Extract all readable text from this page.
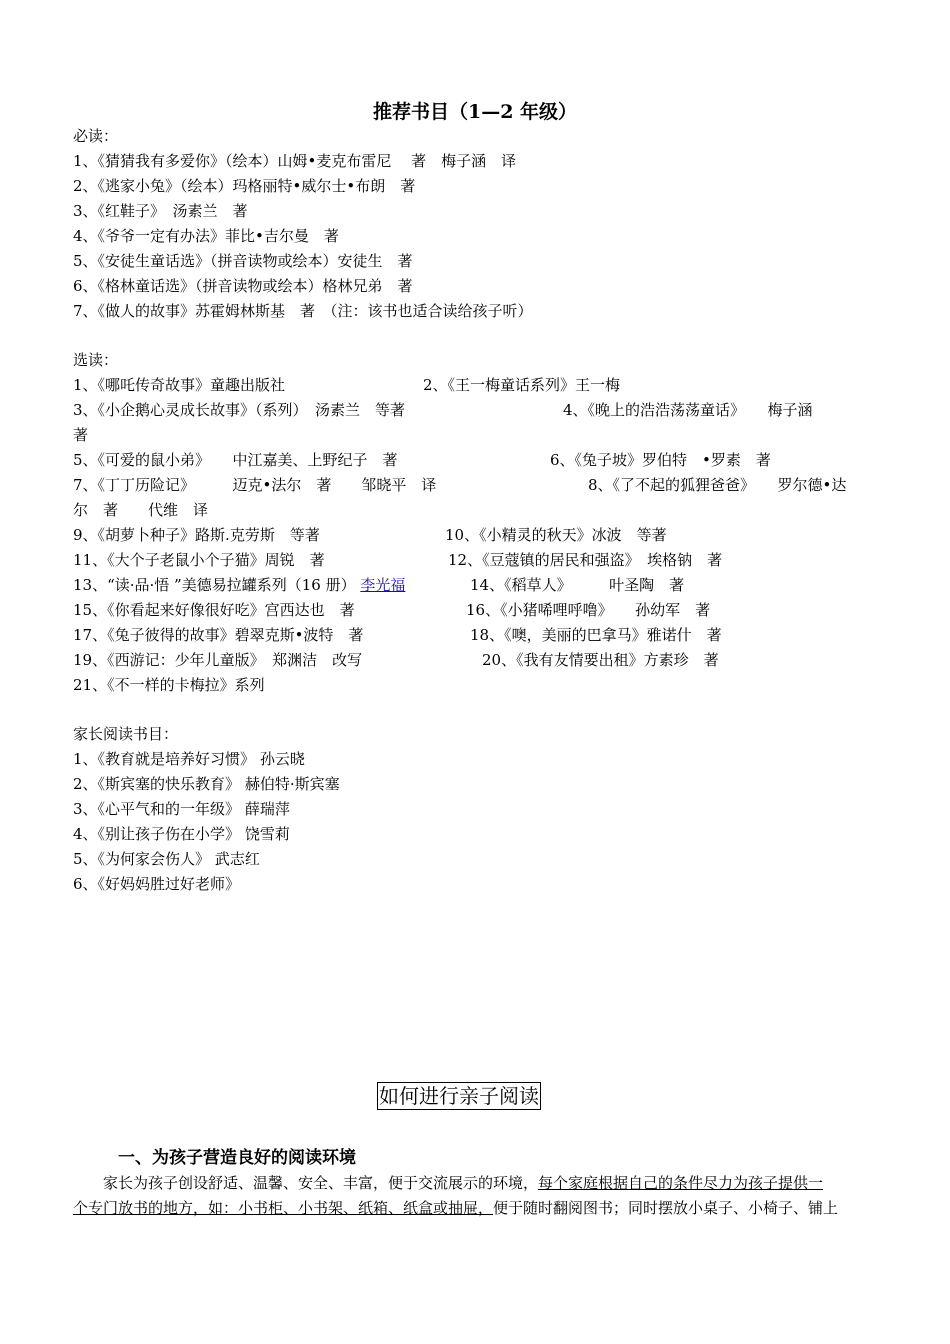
推荐书目（1—2 年级）
必读：
1、《猜猜我有多爱你》（绘本）山姆•麦克布雷尼　 著　梅子涵　译
2、《逃家小兔》（绘本）玛格丽特•威尔士•布朗　著
3、《红鞋子》　汤素兰　著
4、《爷爷一定有办法》菲比•吉尔曼　著
5、《安徒生童话选》（拼音读物或绘本）安徒生　著
6、《格林童话选》（拼音读物或绘本）格林兄弟　著
7、《做人的故事》苏霍姆林斯基　著　（注：该书也适合读给孩子听）
选读：
1、《哪吒传奇故事》童趣出版社	2、《王一梅童话系列》王一梅
3、《小企鹅心灵成长故事》（系列）　汤素兰　等著	4、《晚上的浩浩荡荡童话》　　梅子涵
著
5、《可爱的鼠小弟》　　中江嘉美、上野纪子　著	6、《兔子坡》罗伯特　•罗素　著
7、《丁丁历险记》　　　迈克•法尔　著　　邹晓平　译	8、《了不起的狐狸爸爸》　　罗尔德•达
尔　著　　代维　译
9、《胡萝卜种子》路斯.克劳斯　等著	10、《小精灵的秋天》冰波　等著
11、《大个子老鼠小个子猫》周锐　著	12、《豆蔻镇的居民和强盗》　埃格钠　著
13、“读·品·悟 ”美德易拉罐系列（16 册） 李光福	14、《稻草人》　　　叶圣陶　著
15、《你看起来好像很好吃》宫西达也　著	16、《小猪唏哩呼噜》　　孙幼军　著
17、《兔子彼得的故事》碧翠克斯•波特　著	18、《噢，美丽的巴拿马》雅诺什　著
19、《西游记：少年儿童版》　郑渊洁　改写	20、《我有友情要出租》方素珍　著
21、《不一样的卡梅拉》系列
家长阅读书目：
1、《教育就是培养好习惯》 孙云晓
2、《斯宾塞的快乐教育》 赫伯特·斯宾塞
3、《心平气和的一年级》 薛瑞萍
4、《别让孩子伤在小学》 饶雪莉
5、《为何家会伤人》 武志红
6、《好妈妈胜过好老师》
如何进行亲子阅读
一、为孩子营造良好的阅读环境
家长为孩子创设舒适、温馨、安全、丰富，便于交流展示的环境，每个家庭根据自己的条件尽力为孩子提供一
个专门放书的地方，如：小书柜、小书架、纸箱、纸盒或抽屉，便于随时翻阅图书；同时摆放小桌子、小椅子、铺上
